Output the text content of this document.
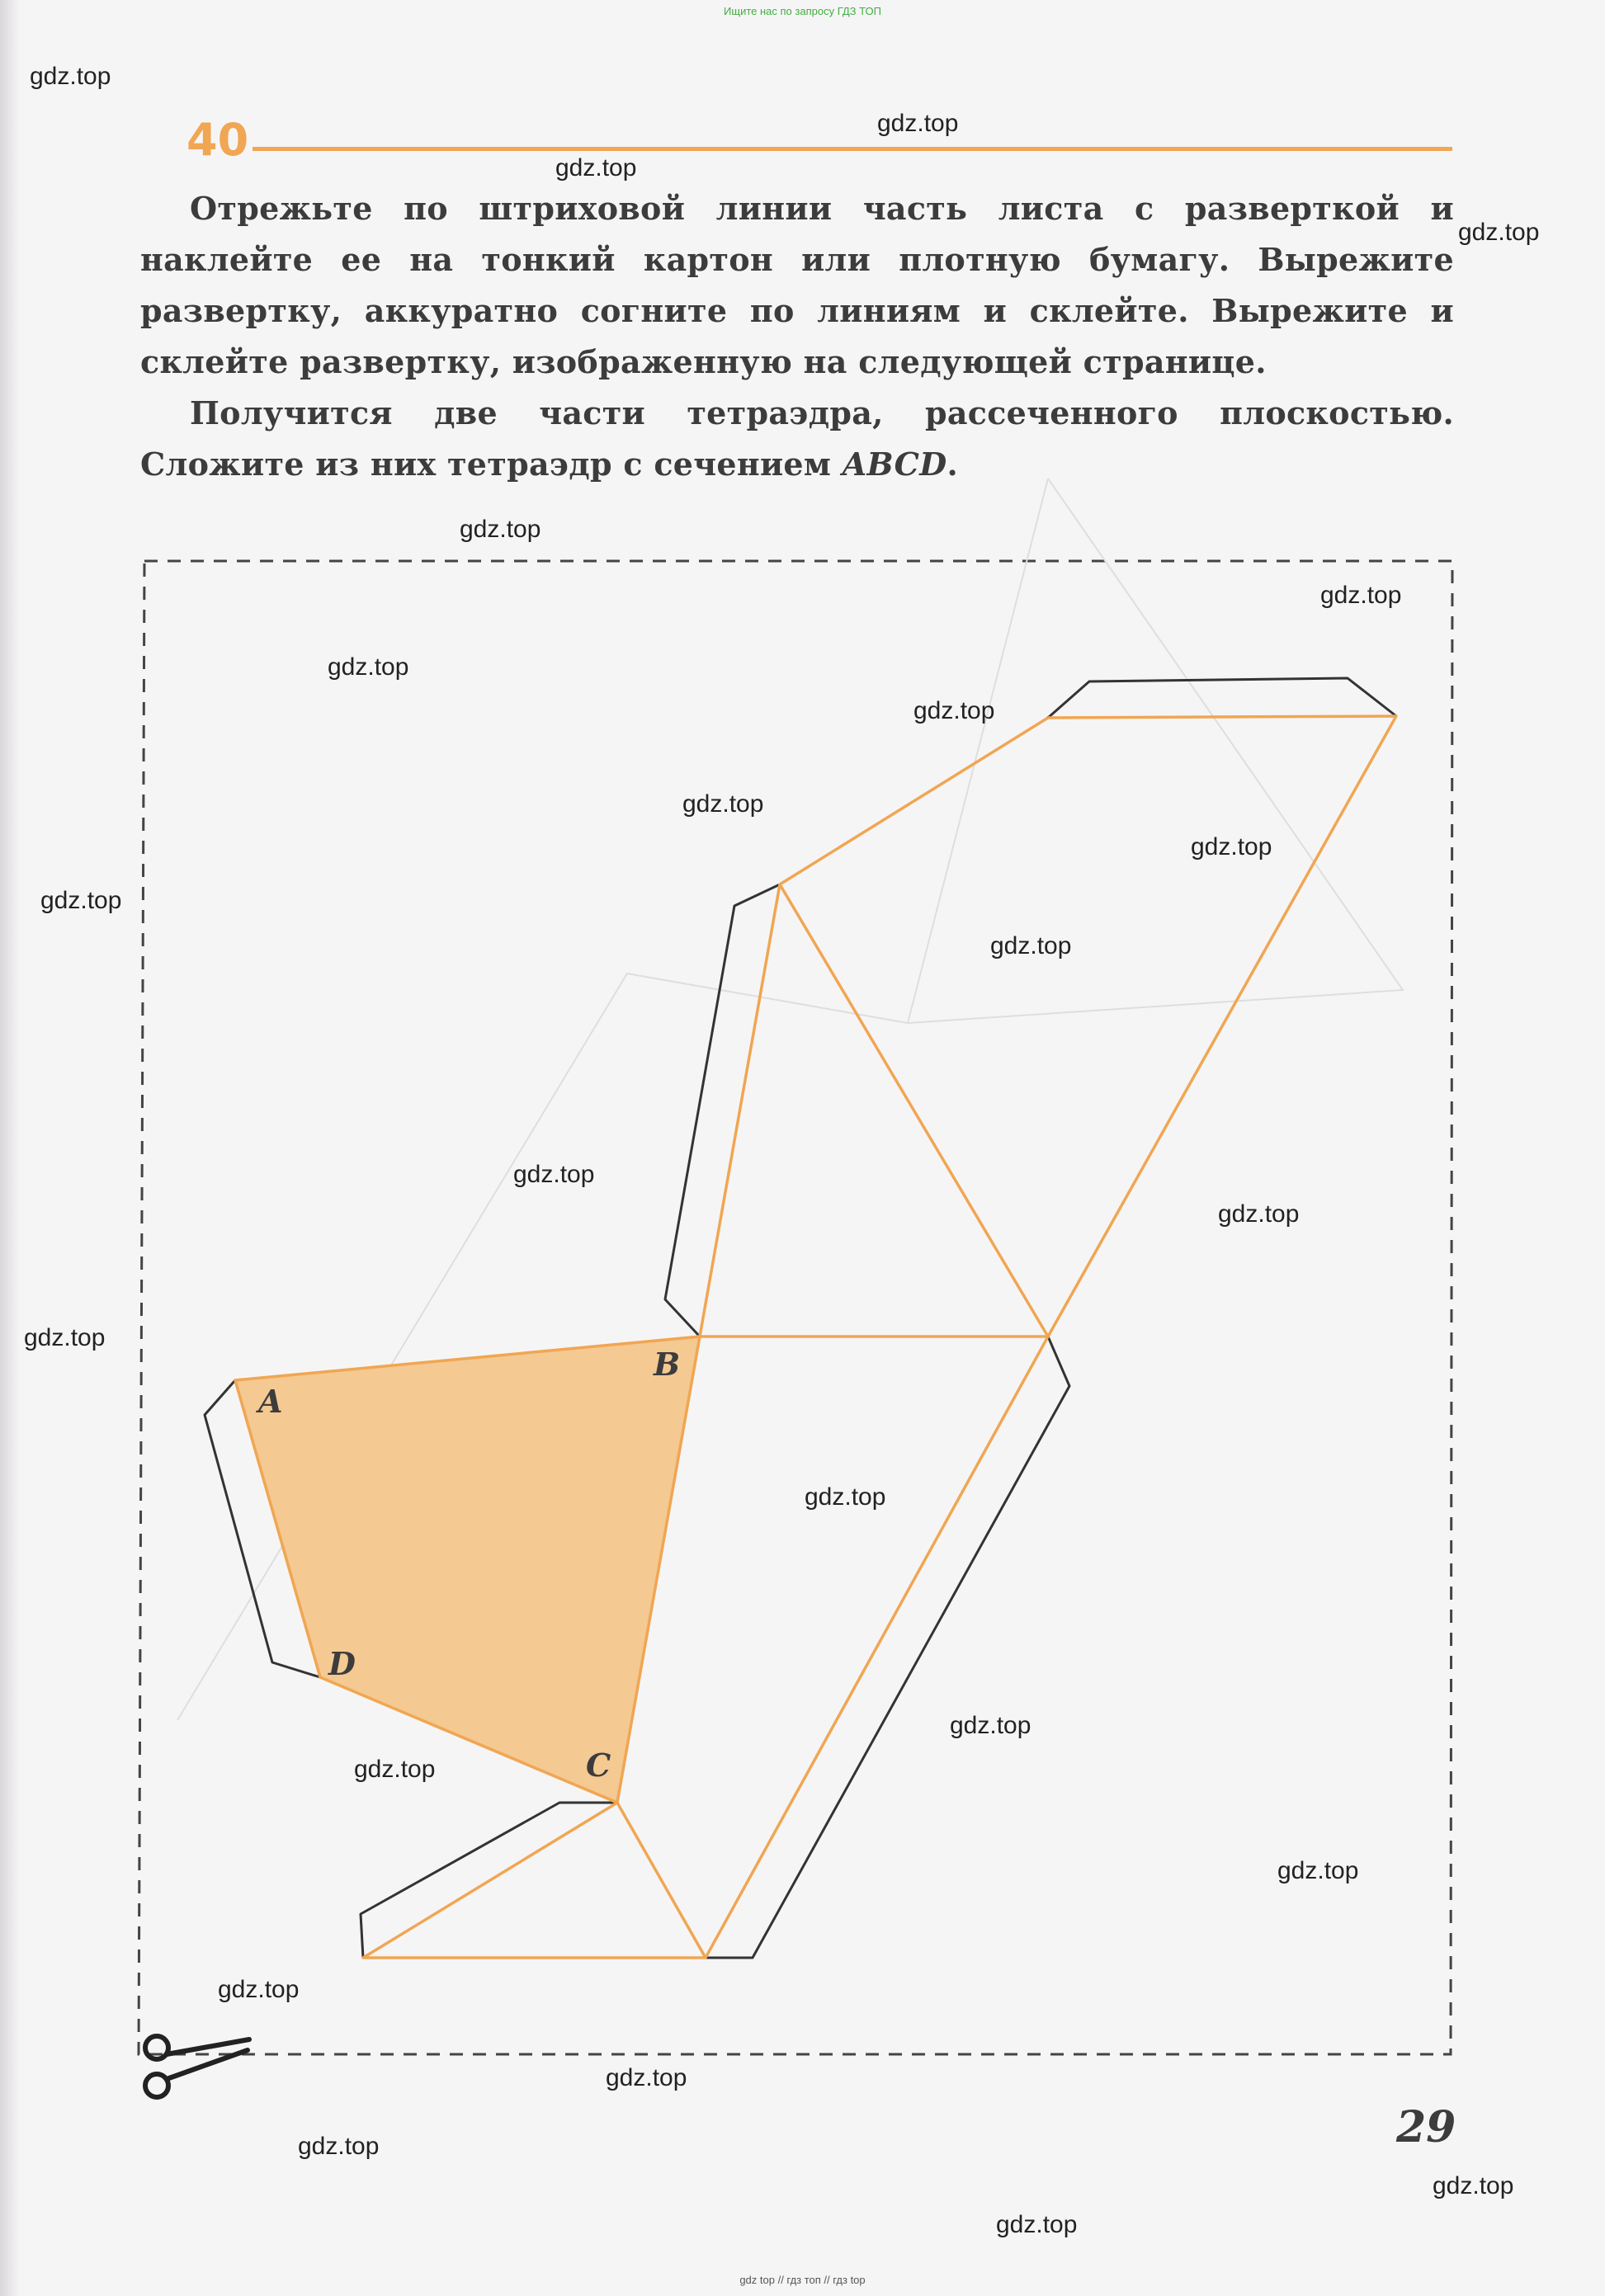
Ищите нас по запросу ГДЗ ТОП
40

Отрежьте по штриховой линии часть листа с разверткой и наклейте ее на тонкий картон или плотную бумагу. Вырежите развертку, аккуратно согните по линиям и склейте. Вырежите и склейте развертку, изображенную на следующей странице.

Получится две части тетраэдра, рассеченного плоскостью. Сложите из них тетраэдр с сечением ABCD.

A
B
D
C
29
gdz.top
gdz.top
gdz.top
gdz.top
gdz.top
gdz.top
gdz.top
gdz.top
gdz.top
gdz.top
gdz.top
gdz.top
gdz.top
gdz.top
gdz.top
gdz.top
gdz.top
gdz.top
gdz.top
gdz.top
gdz.top
gdz.top
gdz.top
gdz.top
gdz top // гдз топ // гдз top
